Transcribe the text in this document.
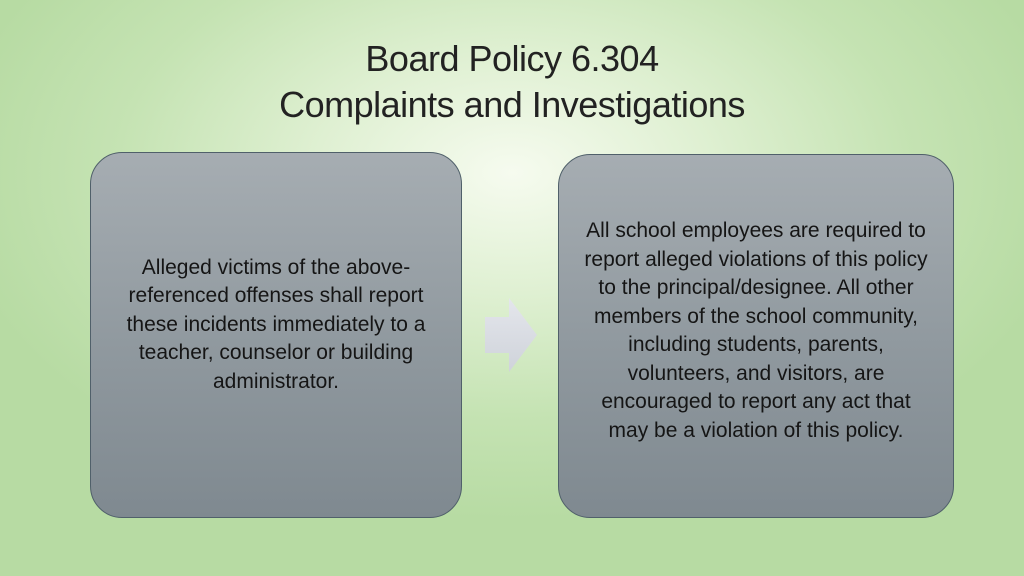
Board Policy 6.304
Complaints and Investigations
Alleged victims of the above-referenced offenses shall report these incidents immediately to a teacher, counselor or building administrator.
All school employees are required to report alleged violations of this policy to the principal/designee. All other members of the school community, including students, parents, volunteers, and visitors, are encouraged to report any act that may be a violation of this policy.
